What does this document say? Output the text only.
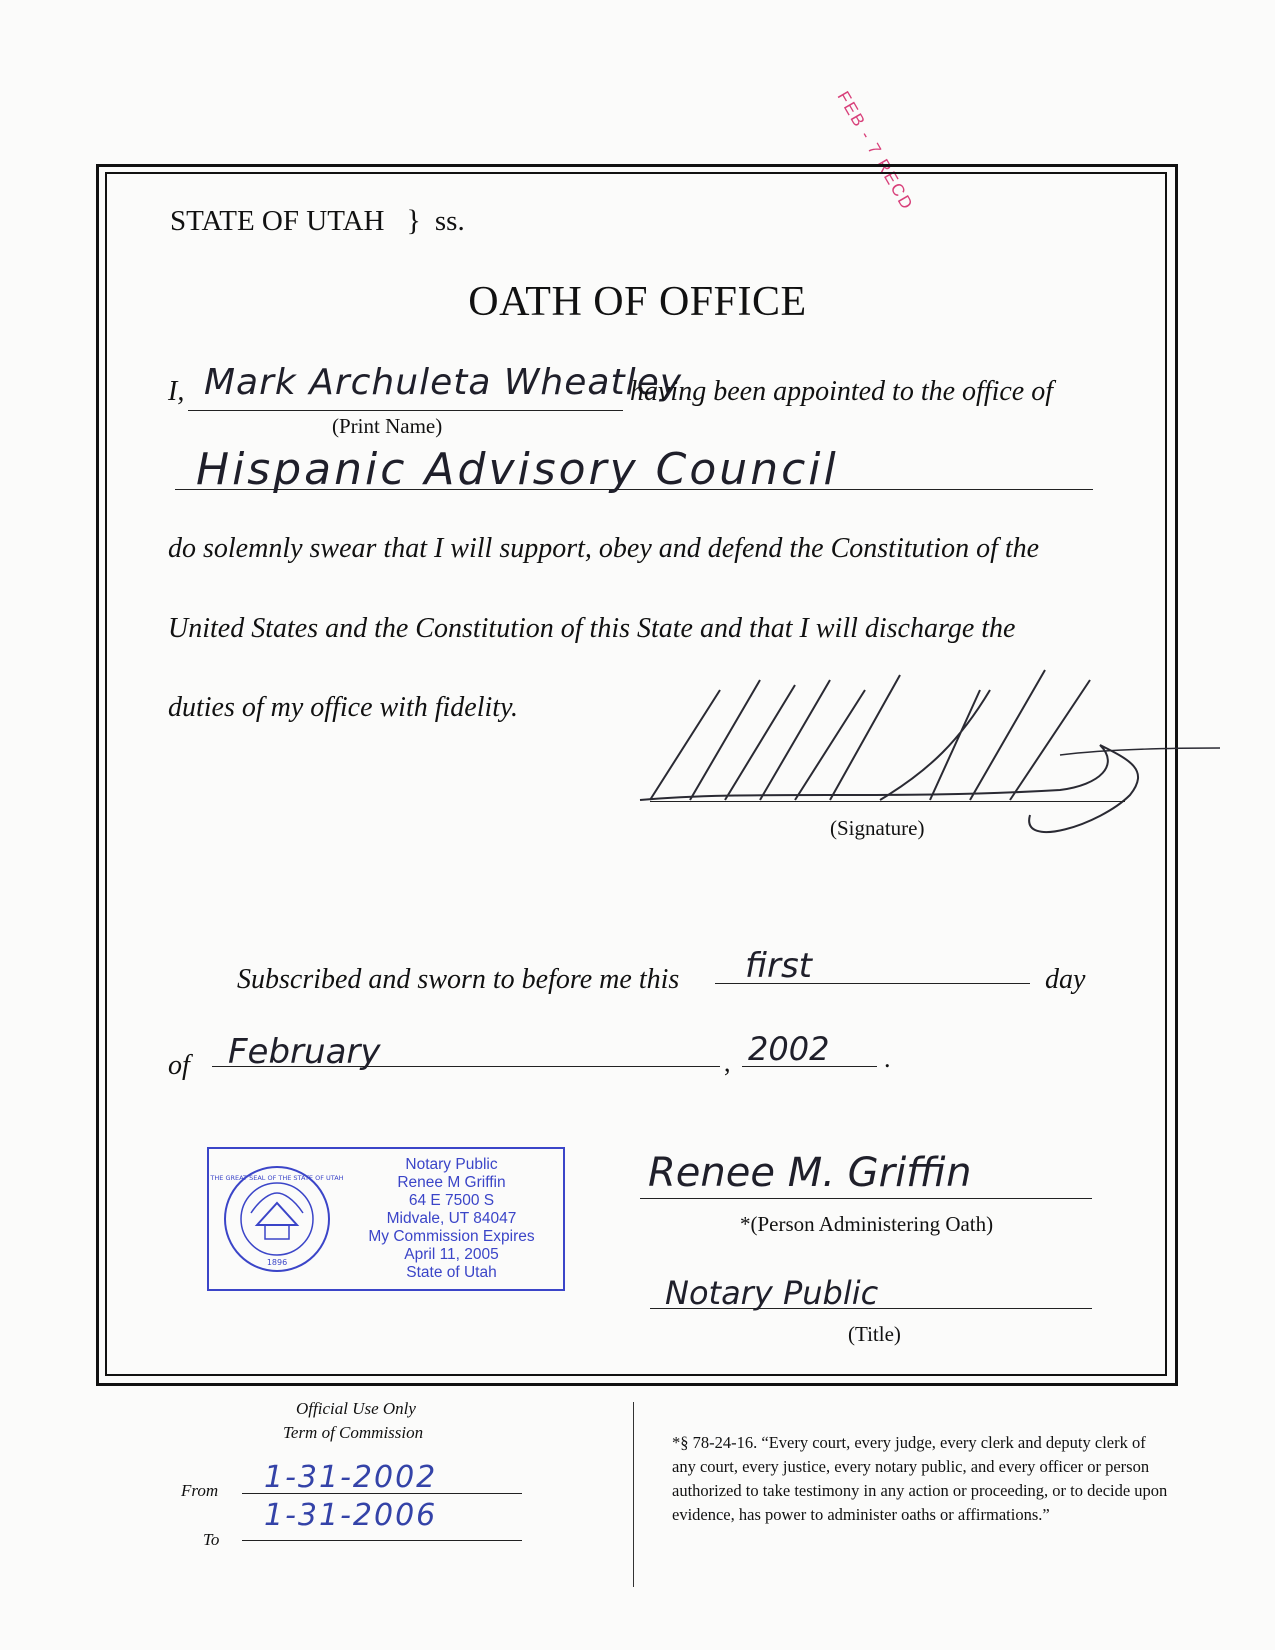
FEB - 7 RECD
STATE OF UTAH } ss.
OATH OF OFFICE
I, Mark Archuleta Wheatley
having been appointed to the office of
(Print Name)
Hispanic Advisory Council
do solemnly swear that I will support, obey and defend the Constitution of the
United States and the Constitution of this State and that I will discharge the
duties of my office with fidelity.
(Signature)
Subscribed and sworn to before me this first	day
of February	, 2002 .
1896
THE GREAT SEAL OF THE STATE OF UTAH
Notary Public
Renee M Griffin
64 E 7500 S
Midvale, UT 84047
My Commission Expires
April 11, 2005
State of Utah
Renee M. Griffin
*(Person Administering Oath)
Notary Public
(Title)
Official Use Only
Term of Commission
From 1-31-2002
To
1-31-2006
*§ 78-24-16. “Every court, every judge, every clerk and deputy clerk of any court, every justice, every notary public, and every officer or person authorized to take testimony in any action or proceeding, or to decide upon evidence, has power to administer oaths or affirmations.”
